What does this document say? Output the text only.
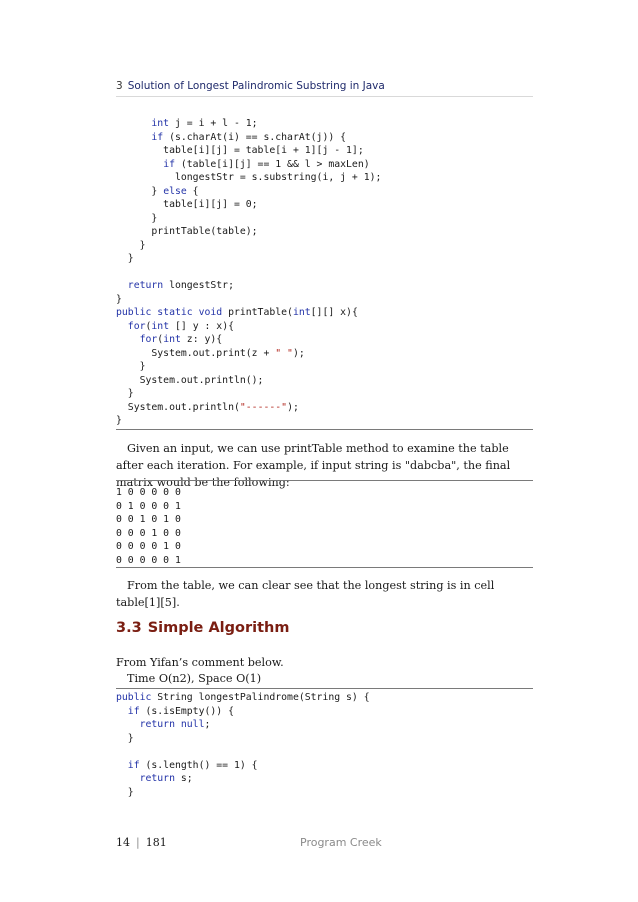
3 Solution of Longest Palindromic Substring in Java
int j = i + l - 1;
if (s.charAt(i) == s.charAt(j)) {
table[i][j] = table[i + 1][j - 1];
if (table[i][j] == 1 && l > maxLen)
longestStr = s.substring(i, j + 1);
} else {
table[i][j] = 0;
}
printTable(table);
}
}

return longestStr;
}
public static void printTable(int[][] x){
for(int [] y : x){
for(int z: y){
System.out.print(z + " ");
}
System.out.println();
}
System.out.println("------");
}

Given an input, we can use printTable method to examine the table after each iteration. For example, if input string is "dabcba", the final matrix would be the following:

1 0 0 0 0 0
0 1 0 0 0 1
0 0 1 0 1 0
0 0 0 1 0 0
0 0 0 0 1 0
0 0 0 0 0 1

From the table, we can clear see that the longest string is in cell table[1][5].

3.3 Simple Algorithm

From Yifan’s comment below.

Time O(n2), Space O(1)

public String longestPalindrome(String s) {
if (s.isEmpty()) {
return null;
}

if (s.length() == 1) {
return s;
}
14 | 181	Program Creek
